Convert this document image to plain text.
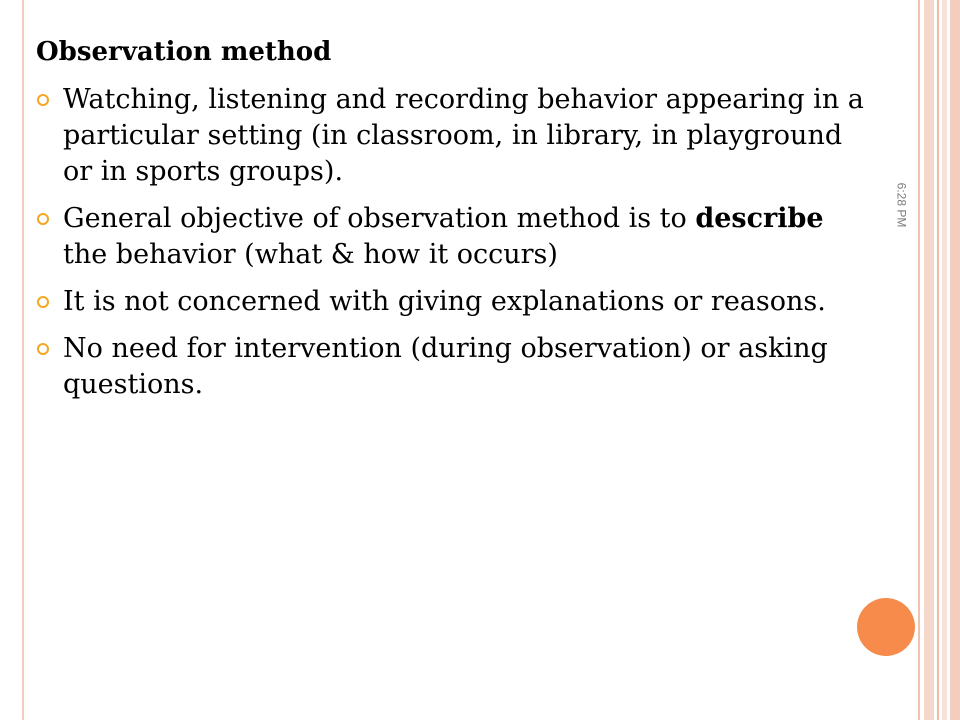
6:28 PM
Observation method
Watching, listening and recording behavior appearing in a particular setting (in classroom, in library, in playground or in sports groups).
General objective of observation method is to describe the behavior (what & how it occurs)
It is not concerned with giving explanations or reasons.
No need for intervention (during observation) or asking questions.
